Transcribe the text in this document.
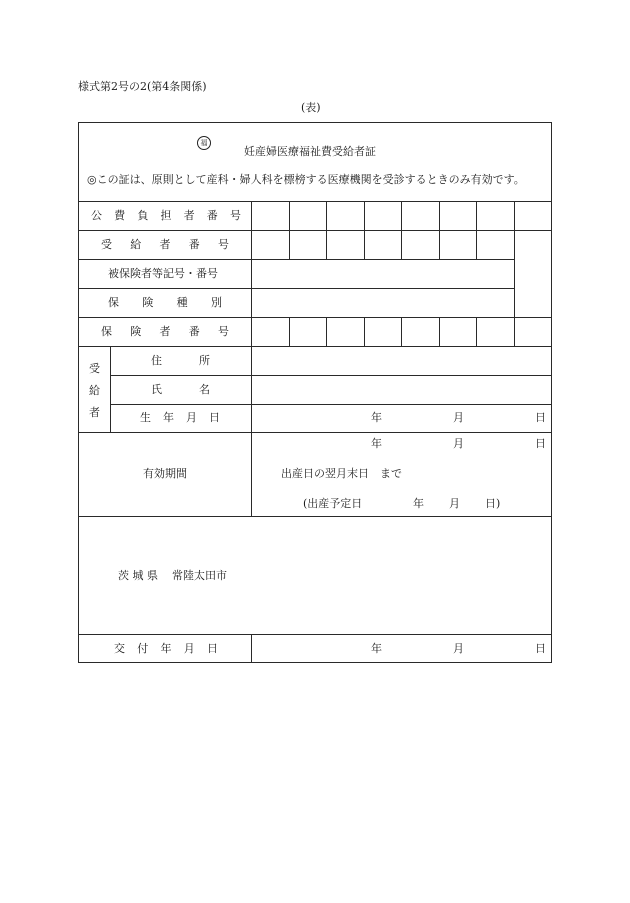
様式第2号の2(第4条関係)
(表)
福
妊産婦医療福祉費受給者証
◎この証は、原則として産科・婦人科を標榜する医療機関を受診するときのみ有効です。
公 費 負 担 者 番 号
受 給 者 番 号
被保険者等記号・番号
保 険 種 別
保 険 者 番 号
受
給
者
住	所
氏	名
生 年 月 日	年	月	日
有効期間
年	月	日
出産日の翌月末日　まで
(出産予定日	年 月 日)
茨 城 県 常陸太田市
交 付 年 月 日	年	月	日
